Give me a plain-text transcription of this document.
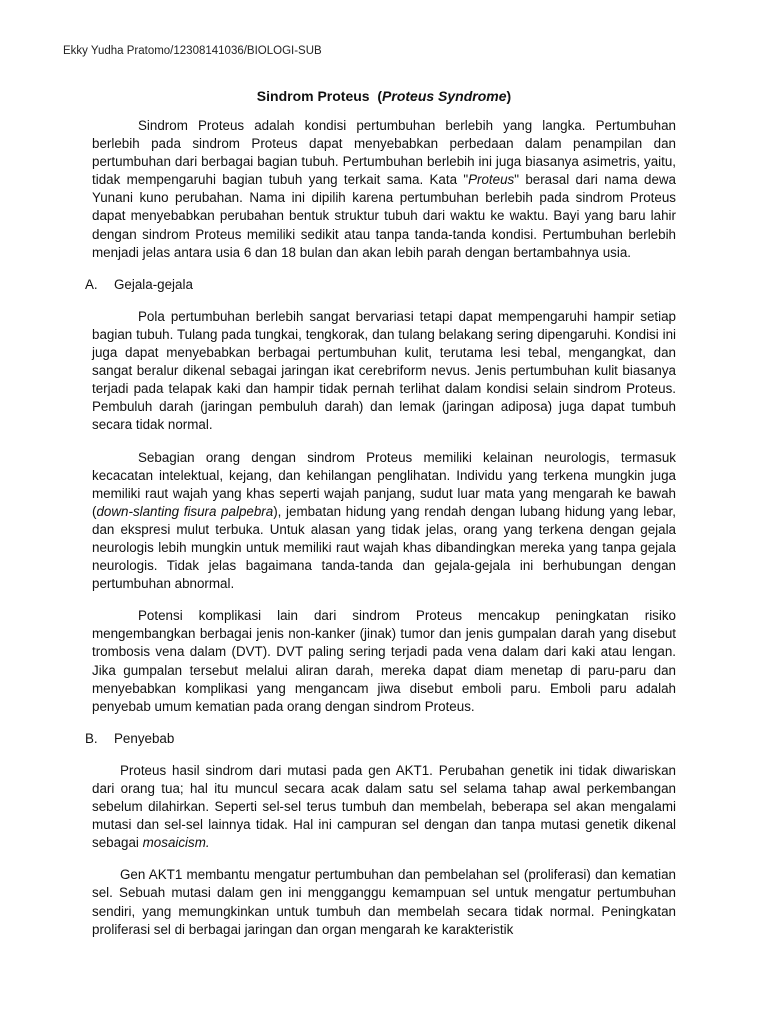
Ekky Yudha Pratomo/12308141036/BIOLOGI-SUB
Sindrom Proteus (Proteus Syndrome)

Sindrom Proteus adalah kondisi pertumbuhan berlebih yang langka. Pertumbuhan berlebih pada sindrom Proteus dapat menyebabkan perbedaan dalam penampilan dan pertumbuhan dari berbagai bagian tubuh. Pertumbuhan berlebih ini juga biasanya asimetris, yaitu, tidak mempengaruhi bagian tubuh yang terkait sama. Kata "Proteus" berasal dari nama dewa Yunani kuno perubahan. Nama ini dipilih karena pertumbuhan berlebih pada sindrom Proteus dapat menyebabkan perubahan bentuk struktur tubuh dari waktu ke waktu. Bayi yang baru lahir dengan sindrom Proteus memiliki sedikit atau tanpa tanda-tanda kondisi. Pertumbuhan berlebih menjadi jelas antara usia 6 dan 18 bulan dan akan lebih parah dengan bertambahnya usia.

A.	Gejala-gejala

Pola pertumbuhan berlebih sangat bervariasi tetapi dapat mempengaruhi hampir setiap bagian tubuh. Tulang pada tungkai, tengkorak, dan tulang belakang sering dipengaruhi. Kondisi ini juga dapat menyebabkan berbagai pertumbuhan kulit, terutama lesi tebal, mengangkat, dan sangat beralur dikenal sebagai jaringan ikat cerebriform nevus. Jenis pertumbuhan kulit biasanya terjadi pada telapak kaki dan hampir tidak pernah terlihat dalam kondisi selain sindrom Proteus. Pembuluh darah (jaringan pembuluh darah) dan lemak (jaringan adiposa) juga dapat tumbuh secara tidak normal.

Sebagian orang dengan sindrom Proteus memiliki kelainan neurologis, termasuk kecacatan intelektual, kejang, dan kehilangan penglihatan. Individu yang terkena mungkin juga memiliki raut wajah yang khas seperti wajah panjang, sudut luar mata yang mengarah ke bawah (down-slanting fisura palpebra), jembatan hidung yang rendah dengan lubang hidung yang lebar, dan ekspresi mulut terbuka. Untuk alasan yang tidak jelas, orang yang terkena dengan gejala neurologis lebih mungkin untuk memiliki raut wajah khas dibandingkan mereka yang tanpa gejala neurologis. Tidak jelas bagaimana tanda-tanda dan gejala-gejala ini berhubungan dengan pertumbuhan abnormal.

Potensi komplikasi lain dari sindrom Proteus mencakup peningkatan risiko mengembangkan berbagai jenis non-kanker (jinak) tumor dan jenis gumpalan darah yang disebut trombosis vena dalam (DVT). DVT paling sering terjadi pada vena dalam dari kaki atau lengan. Jika gumpalan tersebut melalui aliran darah, mereka dapat diam menetap di paru-paru dan menyebabkan komplikasi yang mengancam jiwa disebut emboli paru. Emboli paru adalah penyebab umum kematian pada orang dengan sindrom Proteus.

B.	Penyebab

Proteus hasil sindrom dari mutasi pada gen AKT1. Perubahan genetik ini tidak diwariskan dari orang tua; hal itu muncul secara acak dalam satu sel selama tahap awal perkembangan sebelum dilahirkan. Seperti sel-sel terus tumbuh dan membelah, beberapa sel akan mengalami mutasi dan sel-sel lainnya tidak. Hal ini campuran sel dengan dan tanpa mutasi genetik dikenal sebagai mosaicism.

Gen AKT1 membantu mengatur pertumbuhan dan pembelahan sel (proliferasi) dan kematian sel. Sebuah mutasi dalam gen ini mengganggu kemampuan sel untuk mengatur pertumbuhan sendiri, yang memungkinkan untuk tumbuh dan membelah secara tidak normal. Peningkatan proliferasi sel di berbagai jaringan dan organ mengarah ke karakteristik
